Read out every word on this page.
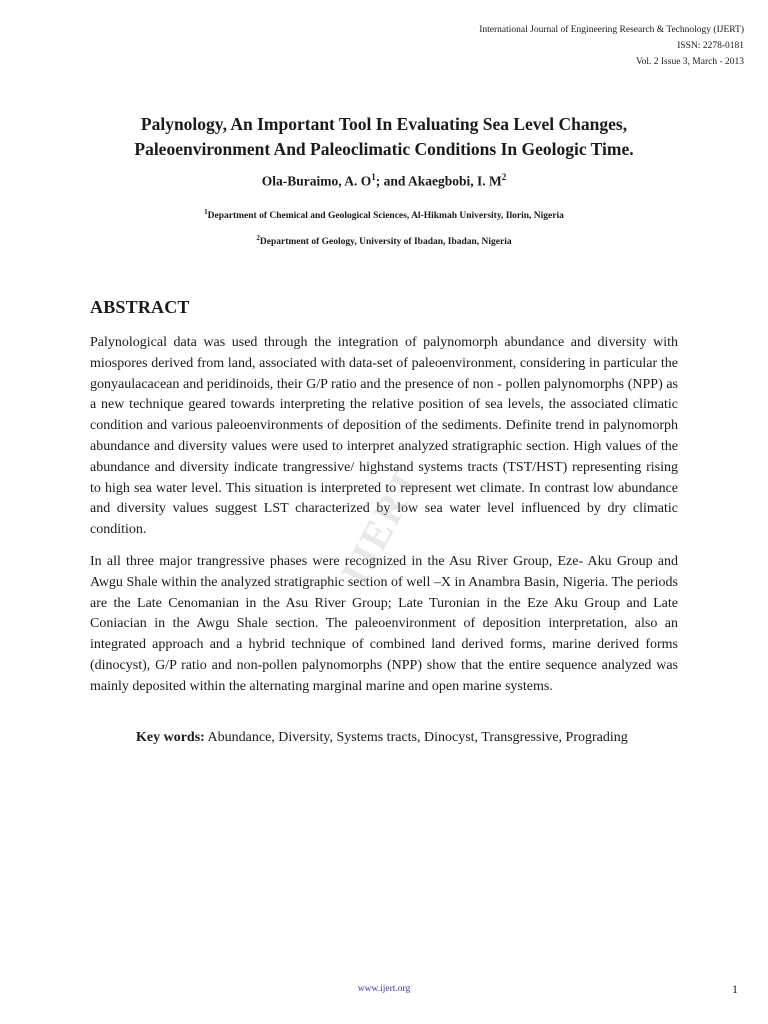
International Journal of Engineering Research & Technology (IJERT)
ISSN: 2278-0181
Vol. 2 Issue 3, March - 2013
Palynology, An Important Tool In Evaluating Sea Level Changes,
Paleoenvironment And Paleoclimatic Conditions In Geologic Time.
Ola-Buraimo, A. $O^1$; and Akaegbobi, I. $M^2$
$^1$Department of Chemical and Geological Sciences, Al-Hikmah University, Ilorin, Nigeria
$^2$Department of Geology, University of Ibadan, Ibadan, Nigeria
ABSTRACT

Palynological data was used through the integration of palynomorph abundance and diversity with miospores derived from land, associated with data-set of paleoenvironment, considering in particular the gonyaulacacean and peridinoids, their G/P ratio and the presence of non - pollen palynomorphs (NPP) as a new technique geared towards interpreting the relative position of sea levels, the associated climatic condition and various paleoenvironments of deposition of the sediments. Definite trend in palynomorph abundance and diversity values were used to interpret analyzed stratigraphic section. High values of the abundance and diversity indicate trangressive/ highstand systems tracts (TST/HST) representing rising to high sea water level. This situation is interpreted to represent wet climate. In contrast low abundance and diversity values suggest LST characterized by low sea water level influenced by dry climatic condition.

In all three major trangressive phases were recognized in the Asu River Group, Eze- Aku Group and Awgu Shale within the analyzed stratigraphic section of well –X in Anambra Basin, Nigeria. The periods are the Late Cenomanian in the Asu River Group; Late Turonian in the Eze Aku Group and Late Coniacian in the Awgu Shale section. The paleoenvironment of deposition interpretation, also an integrated approach and a hybrid technique of combined land derived forms, marine derived forms (dinocyst), G/P ratio and non-pollen palynomorphs (NPP) show that the entire sequence analyzed was mainly deposited within the alternating marginal marine and open marine systems.

Key words: Abundance, Diversity, Systems tracts, Dinocyst, Transgressive, Prograding
IJERT
www.ijert.org	1
